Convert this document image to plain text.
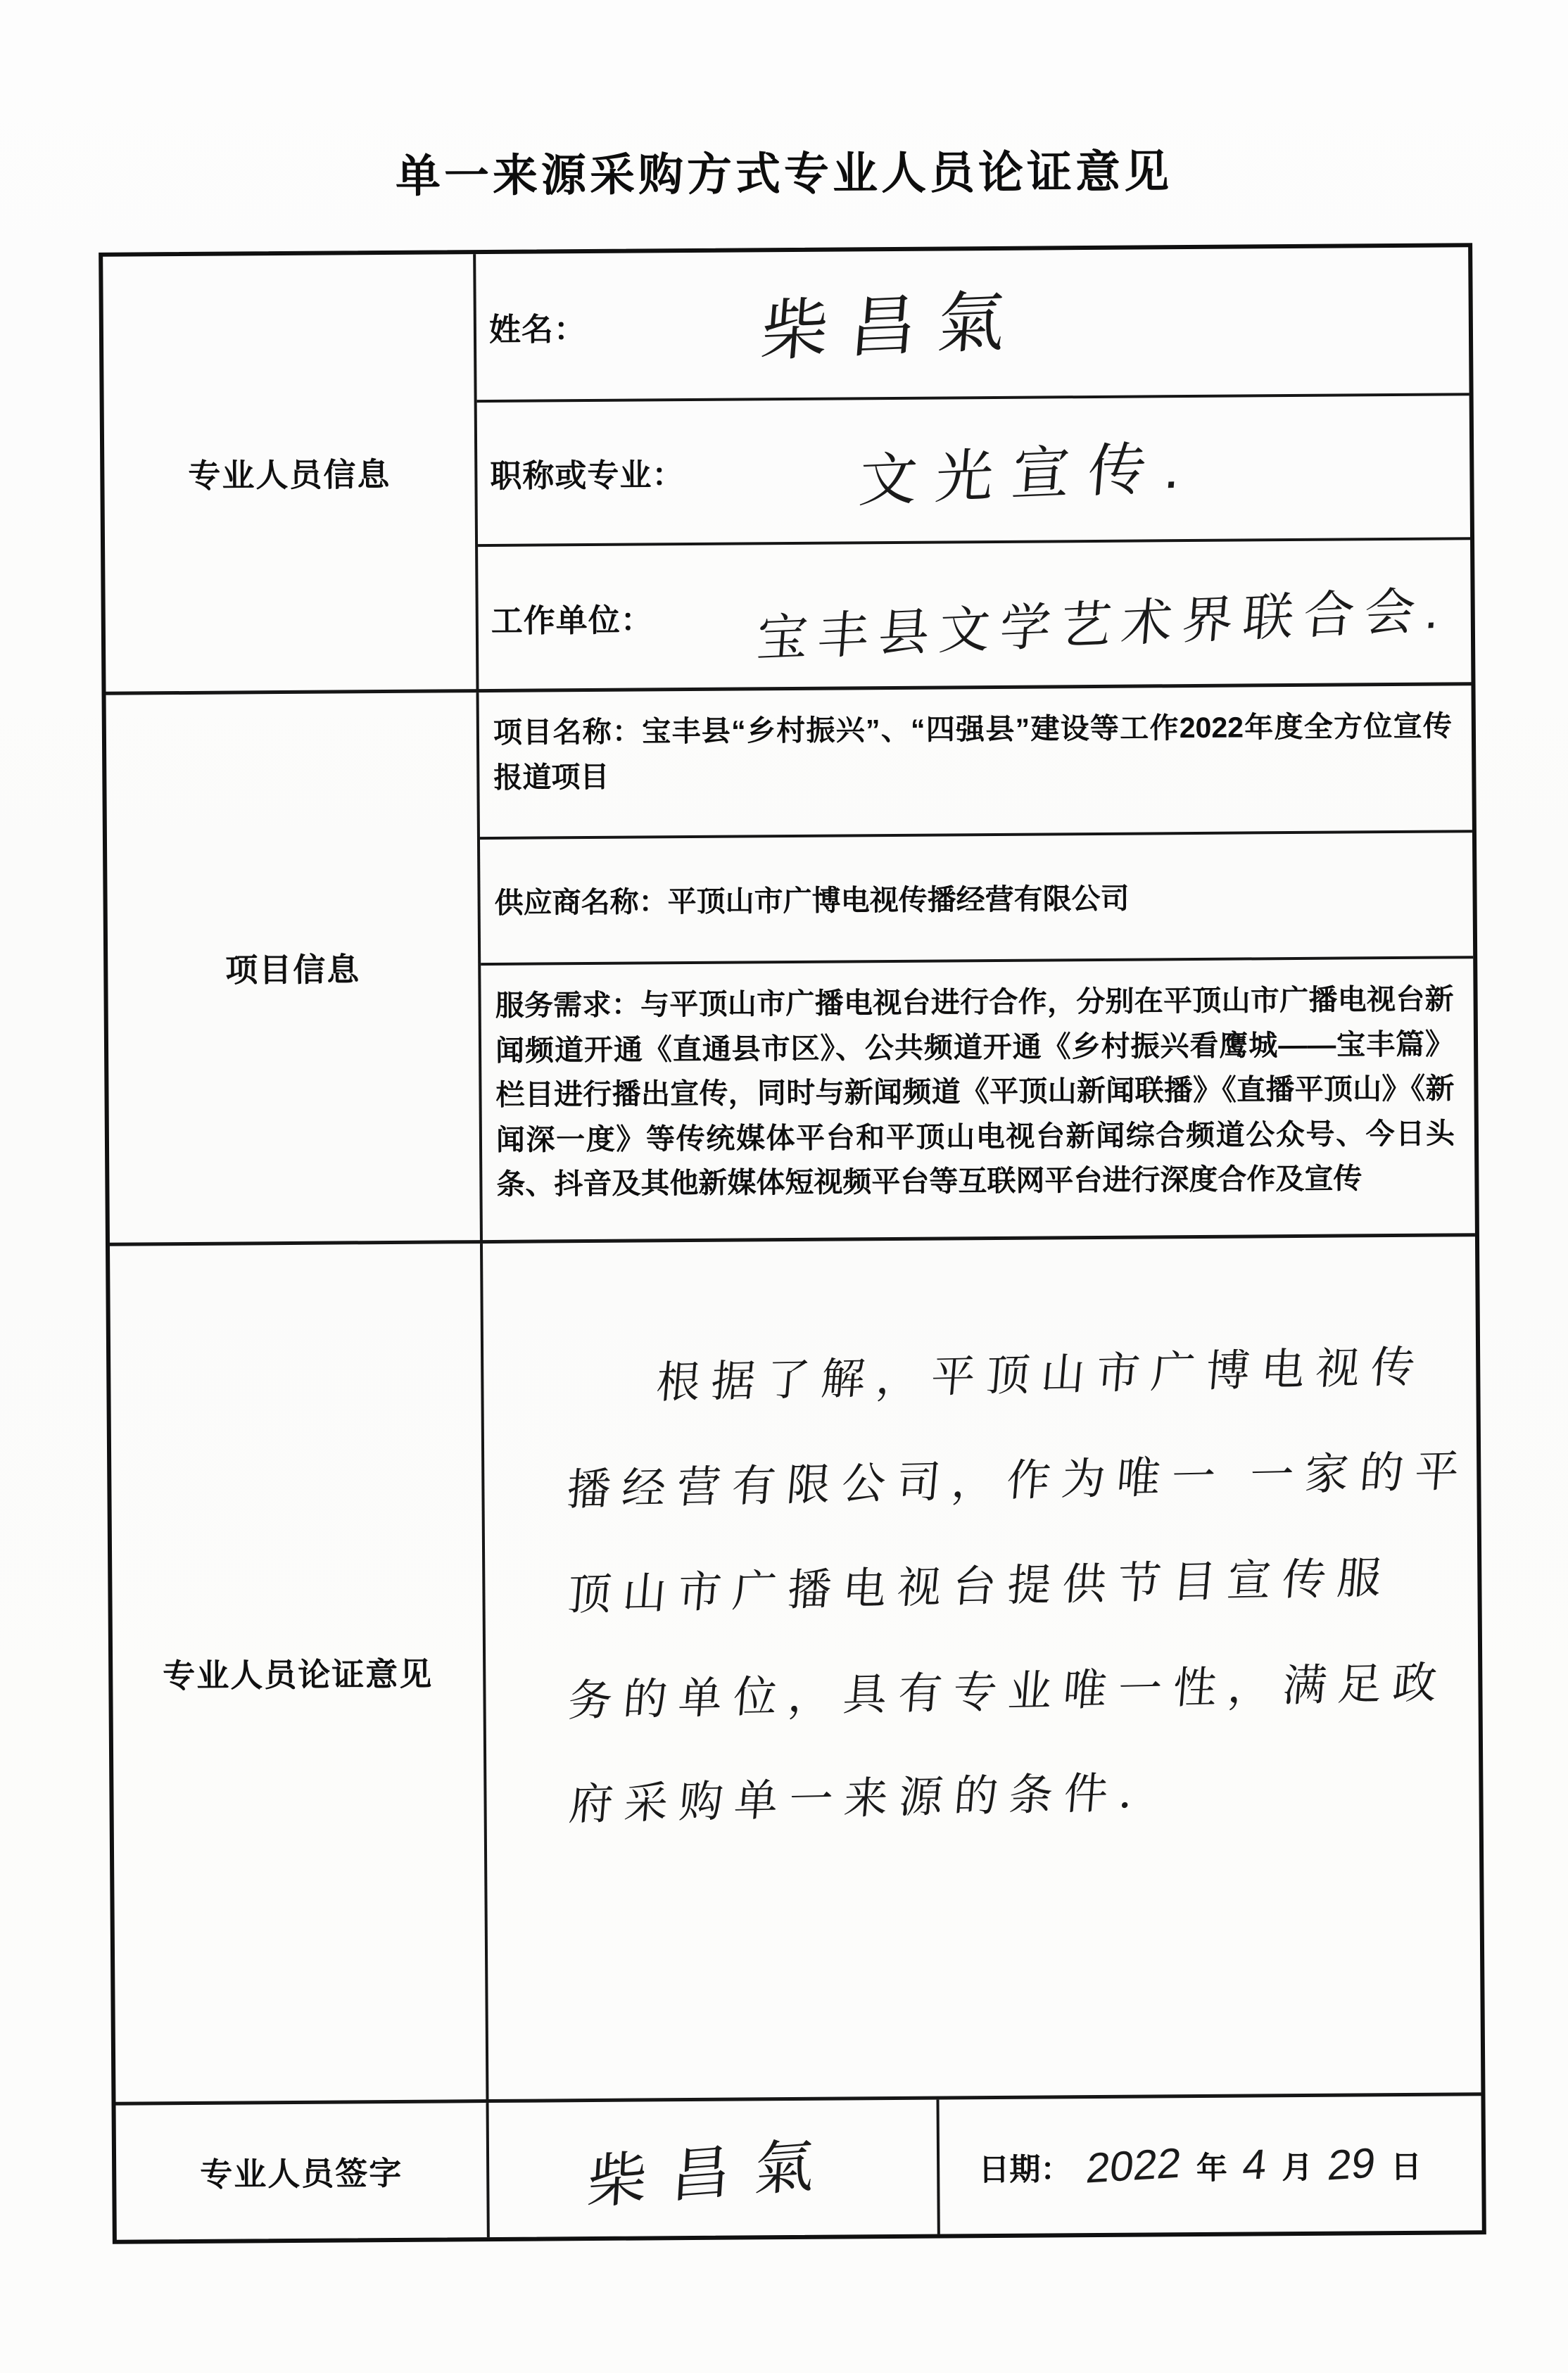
单一来源采购方式专业人员论证意见
专业人员信息
姓名：	柴昌氣
职称或专业：	文光宣传.
工作单位： 宝丰县文学艺术界联合会.
项目信息
项目名称：宝丰县“乡村振兴”、“四强县”建设等工作2022年度全方位宣传报道项目
供应商名称：平顶山市广博电视传播经营有限公司
服务需求：与平顶山市广播电视台进行合作，分别在平顶山市广播电视台新闻频道开通《直通县市区》、公共频道开通《乡村振兴看鹰城——宝丰篇》栏目进行播出宣传，同时与新闻频道《平顶山新闻联播》《直播平顶山》《新闻深一度》等传统媒体平台和平顶山电视台新闻综合频道公众号、今日头条、抖音及其他新媒体短视频平台等互联网平台进行深度合作及宣传
专业人员论证意见
根据了解，平顶山市广博电视传
播经营有限公司，作为唯一 一家的平
顶山市广播电视台提供节目宣传服
务的单位，具有专业唯一性，满足政
府采购单一来源的条件．
专业人员签字	柴昌氣	日期： 2022 年 4 月 29 日
